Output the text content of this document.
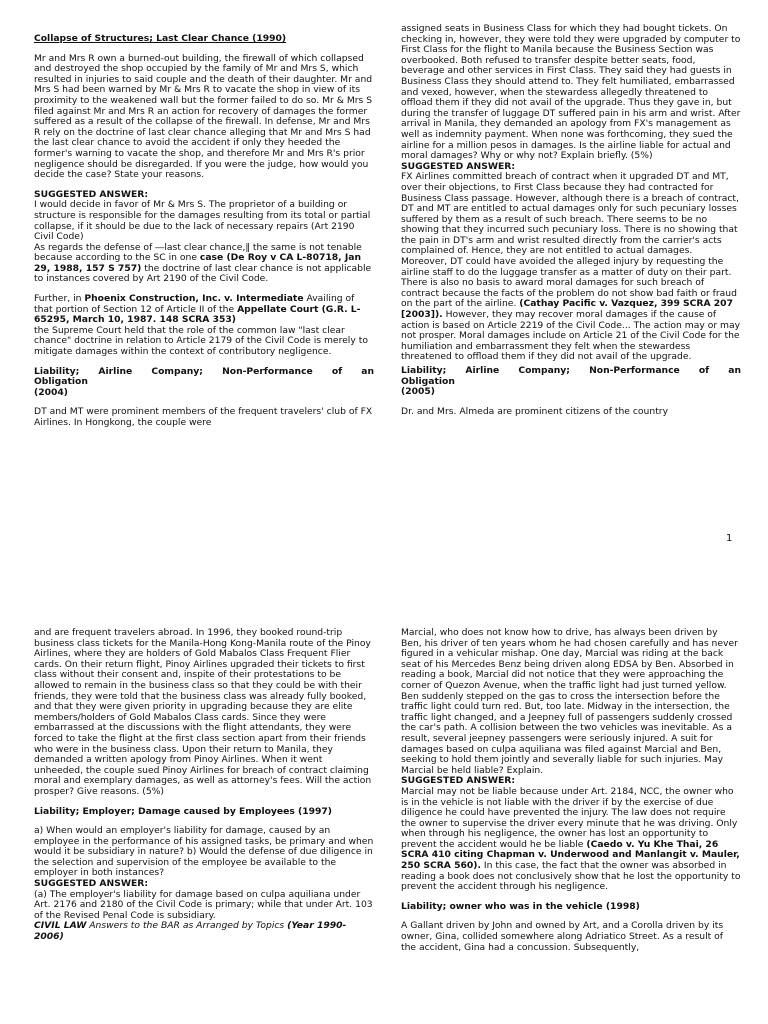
Collapse of Structures; Last Clear Chance (1990)

Mr and Mrs R own a burned-out building, the firewall of which collapsed and destroyed the shop occupied by the family of Mr and Mrs S, which resulted in injuries to said couple and the death of their daughter. Mr and Mrs S had been warned by Mr & Mrs R to vacate the shop in view of its proximity to the weakened wall but the former failed to do so. Mr & Mrs S filed against Mr and Mrs R an action for recovery of damages the former suffered as a result of the collapse of the firewall. In defense, Mr and Mrs R rely on the doctrine of last clear chance alleging that Mr and Mrs S had the last clear chance to avoid the accident if only they heeded the former's warning to vacate the shop, and therefore Mr and Mrs R's prior negligence should be disregarded. If you were the judge, how would you decide the case? State your reasons.

SUGGESTED ANSWER:

I would decide in favor of Mr & Mrs S. The proprietor of a building or structure is responsible for the damages resulting from its total or partial collapse, if it should be due to the lack of necessary repairs (Art 2190 Civil Code)

As regards the defense of ―last clear chance,‖ the same is not tenable because according to the SC in one case (De Roy v CA L-80718, Jan 29, 1988, 157 S 757) the doctrine of last clear chance is not applicable to instances covered by Art 2190 of the Civil Code.

Further, in Phoenix Construction, Inc. v. Intermediate Availing of that portion of Section 12 of Article II of the Appellate Court (G.R. L-65295, March 10, 1987. 148 SCRA 353)

the Supreme Court held that the role of the common law "last clear chance" doctrine in relation to Article 2179 of the Civil Code is merely to mitigate damages within the context of contributory negligence.

Liability; Airline Company; Non-Performance of an

Obligation

(2004)

DT and MT were prominent members of the frequent travelers' club of FX Airlines. In Hongkong, the couple were

assigned seats in Business Class for which they had bought tickets. On checking in, however, they were told they were upgraded by computer to First Class for the flight to Manila because the Business Section was overbooked. Both refused to transfer despite better seats, food, beverage and other services in First Class. They said they had guests in Business Class they should attend to. They felt humiliated, embarrassed and vexed, however, when the stewardess allegedly threatened to offload them if they did not avail of the upgrade. Thus they gave in, but during the transfer of luggage DT suffered pain in his arm and wrist. After arrival in Manila, they demanded an apology from FX's management as well as indemnity payment. When none was forthcoming, they sued the airline for a million pesos in damages. Is the airline liable for actual and moral damages? Why or why not? Explain briefly. (5%)

SUGGESTED ANSWER:

FX Airlines committed breach of contract when it upgraded DT and MT, over their objections, to First Class because they had contracted for Business Class passage. However, although there is a breach of contract, DT and MT are entitled to actual damages only for such pecuniary losses suffered by them as a result of such breach. There seems to be no showing that they incurred such pecuniary loss. There is no showing that the pain in DT's arm and wrist resulted directly from the carrier's acts complained of. Hence, they are not entitled to actual damages. Moreover, DT could have avoided the alleged injury by requesting the airline staff to do the luggage transfer as a matter of duty on their part. There is also no basis to award moral damages for such breach of contract because the facts of the problem do not show bad faith or fraud on the part of the airline. (Cathay Pacific v. Vazquez, 399 SCRA 207 [2003]). However, they may recover moral damages if the cause of action is based on Article 2219 of the Civil Code... The action may or may not prosper. Moral damages include on Article 21 of the Civil Code for the humiliation and embarrassment they felt when the stewardess threatened to offload them if they did not avail of the upgrade.

Liability; Airline Company; Non-Performance of an

Obligation

(2005)

Dr. and Mrs. Almeda are prominent citizens of the country

1

and are frequent travelers abroad. In 1996, they booked round-trip business class tickets for the Manila-Hong Kong-Manila route of the Pinoy Airlines, where they are holders of Gold Mabalos Class Frequent Flier cards. On their return flight, Pinoy Airlines upgraded their tickets to first class without their consent and, inspite of their protestations to be allowed to remain in the business class so that they could be with their friends, they were told that the business class was already fully booked, and that they were given priority in upgrading because they are elite members/holders of Gold Mabalos Class cards. Since they were embarrassed at the discussions with the flight attendants, they were forced to take the flight at the first class section apart from their friends who were in the business class. Upon their return to Manila, they demanded a written apology from Pinoy Airlines. When it went unheeded, the couple sued Pinoy Airlines for breach of contract claiming moral and exemplary damages, as well as attorney's fees. Will the action prosper? Give reasons. (5%)

Liability; Employer; Damage caused by Employees (1997)

a) When would an employer's liability for damage, caused by an employee in the performance of his assigned tasks, be primary and when would it be subsidiary in nature? b) Would the defense of due diligence in the selection and supervision of the employee be available to the employer in both instances?

SUGGESTED ANSWER:

(a) The employer's liability for damage based on culpa aquiliana under Art. 2176 and 2180 of the Civil Code is primary; while that under Art. 103 of the Revised Penal Code is subsidiary.

CIVIL LAW Answers to the BAR as Arranged by Topics (Year 1990-2006)

Marcial, who does not know how to drive, has always been driven by Ben, his driver of ten years whom he had chosen carefully and has never figured in a vehicular mishap. One day, Marcial was riding at the back seat of his Mercedes Benz being driven along EDSA by Ben. Absorbed in reading a book, Marcial did not notice that they were approaching the corner of Quezon Avenue, when the traffic light had just turned yellow. Ben suddenly stepped on the gas to cross the intersection before the traffic light could turn red. But, too late. Midway in the intersection, the traffic light changed, and a Jeepney full of passengers suddenly crossed the car's path. A collision between the two vehicles was inevitable. As a result, several jeepney passengers were seriously injured. A suit for damages based on culpa aquiliana was filed against Marcial and Ben, seeking to hold them jointly and severally liable for such injuries. May Marcial be held liable? Explain.

SUGGESTED ANSWER:

Marcial may not be liable because under Art. 2184, NCC, the owner who is in the vehicle is not liable with the driver if by the exercise of due diligence he could have prevented the injury. The law does not require the owner to supervise the driver every minute that he was driving. Only when through his negligence, the owner has lost an opportunity to prevent the accident would he be liable (Caedo v. Yu Khe Thai, 26 SCRA 410 citing Chapman v. Underwood and Manlangit v. Mauler, 250 SCRA 560). In this case, the fact that the owner was absorbed in reading a book does not conclusively show that he lost the opportunity to prevent the accident through his negligence.

Liability; owner who was in the vehicle (1998)

A Gallant driven by John and owned by Art, and a Corolla driven by its owner, Gina, collided somewhere along Adriatico Street. As a result of the accident, Gina had a concussion. Subsequently,
